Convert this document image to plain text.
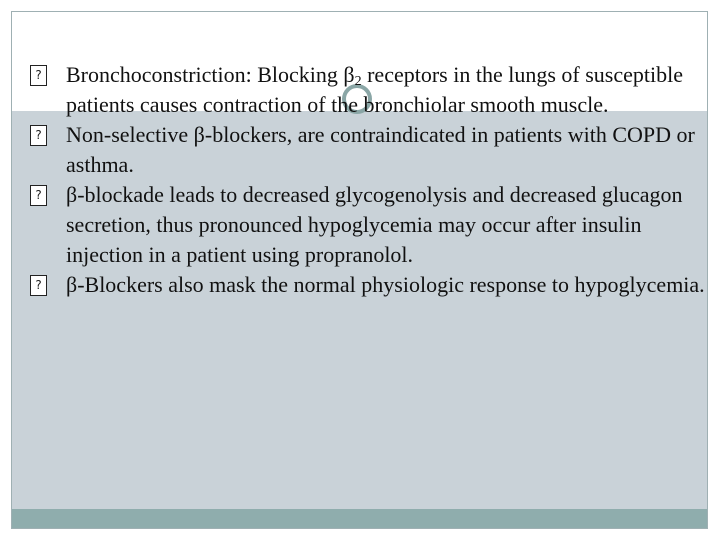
? Bronchoconstriction: Blocking $\beta_2$ receptors in the lungs of susceptible patients causes contraction of the bronchiolar smooth muscle.

? Non-selective β-blockers, are contraindicated in patients with COPD or asthma.

? β-blockade leads to decreased glycogenolysis and decreased glucagon secretion, thus pronounced hypoglycemia may occur after insulin injection in a patient using propranolol.

? β-Blockers also mask the normal physiologic response to hypoglycemia.
